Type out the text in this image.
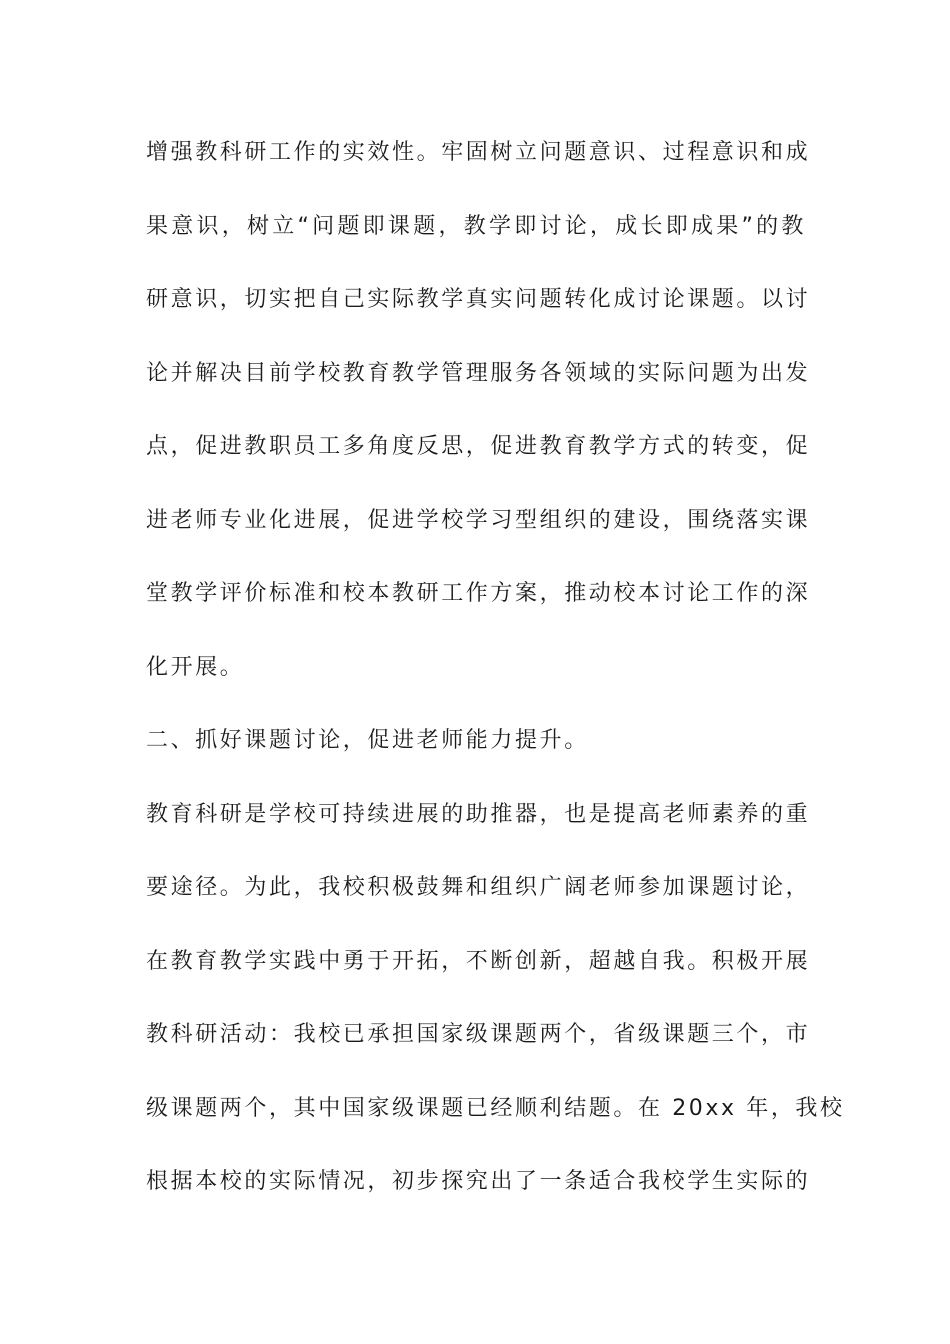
增强教科研工作的实效性。牢固树立问题意识、过程意识和成
果意识，树立“问题即课题，教学即讨论，成长即成果”的教
研意识，切实把自己实际教学真实问题转化成讨论课题。以讨
论并解决目前学校教育教学管理服务各领域的实际问题为出发
点，促进教职员工多角度反思，促进教育教学方式的转变，促
进老师专业化进展，促进学校学习型组织的建设，围绕落实课
堂教学评价标准和校本教研工作方案，推动校本讨论工作的深
化开展。
二、抓好课题讨论，促进老师能力提升。
教育科研是学校可持续进展的助推器，也是提高老师素养的重
要途径。为此，我校积极鼓舞和组织广阔老师参加课题讨论，
在教育教学实践中勇于开拓，不断创新，超越自我。积极开展
教科研活动：我校已承担国家级课题两个，省级课题三个，市
级课题两个，其中国家级课题已经顺利结题。在 20xx 年，我校
根据本校的实际情况，初步探究出了一条适合我校学生实际的
